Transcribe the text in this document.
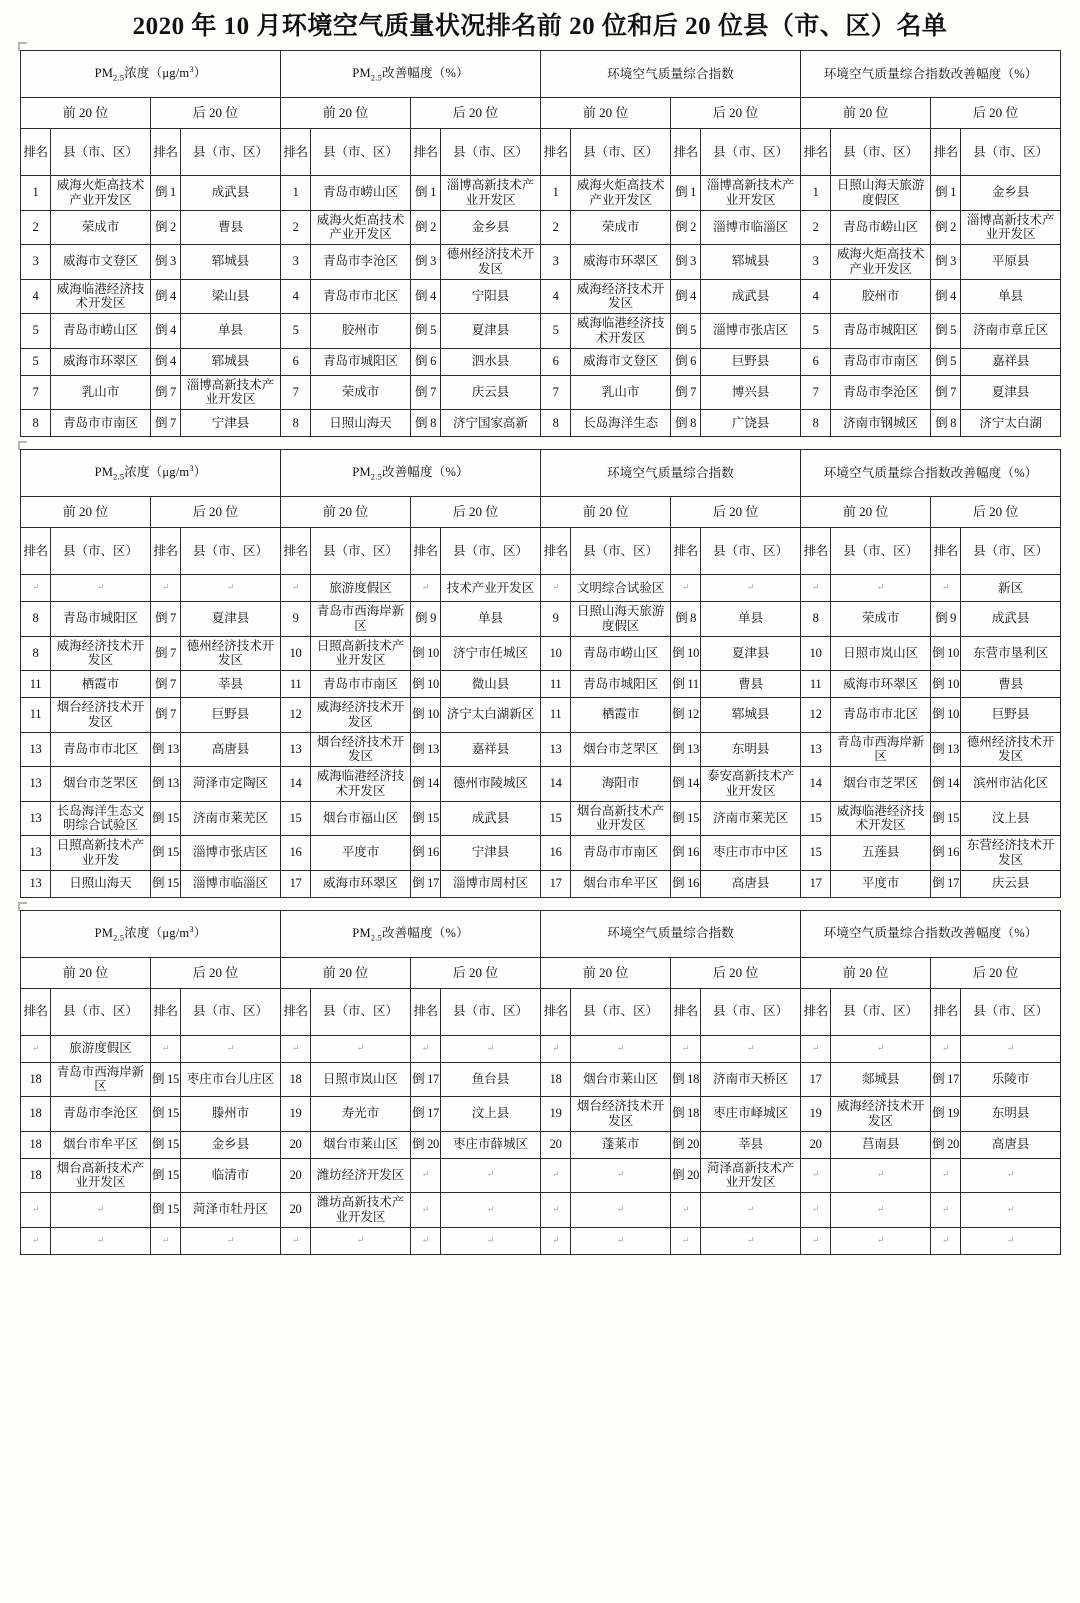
2020 年 10 月环境空气质量状况排名前 20 位和后 20 位县（市、区）名单
$PM_{2.5}$浓度$(\mu g/m^3)$				$PM_{2.5}$改善幅度（%）				环境空气质量综合指数				环境空气质量综合指数改善幅度（%）			
前 20 位		后 20 位		前 20 位		后 20 位		前 20 位		后 20 位		前 20 位		后 20 位	
排名	县（市、区）	排名	县（市、区）	排名	县（市、区）	排名	县（市、区）	排名	县（市、区）	排名	县（市、区）	排名	县（市、区）	排名	县（市、区）
1	威海火炬高技术产业开发区	倒 1	成武县	1	青岛市崂山区	倒 1	淄博高新技术产业开发区	1	威海火炬高技术产业开发区	倒 1	淄博高新技术产业开发区	1	日照山海天旅游度假区	倒 1	金乡县
2	荣成市	倒 2	曹县	2	威海火炬高技术产业开发区	倒 2	金乡县	2	荣成市	倒 2	淄博市临淄区	2	青岛市崂山区	倒 2	淄博高新技术产业开发区
3	威海市文登区	倒 3	郓城县	3	青岛市李沧区	倒 3	德州经济技术开发区	3	威海市环翠区	倒 3	郓城县	3	威海火炬高技术产业开发区	倒 3	平原县
4	威海临港经济技术开发区	倒 4	梁山县	4	青岛市市北区	倒 4	宁阳县	4	威海经济技术开发区	倒 4	成武县	4	胶州市	倒 4	单县
5	青岛市崂山区	倒 4	单县	5	胶州市	倒 5	夏津县	5	威海临港经济技术开发区	倒 5	淄博市张店区	5	青岛市城阳区	倒 5	济南市章丘区
5	威海市环翠区	倒 4	郓城县	6	青岛市城阳区	倒 6	泗水县	6	威海市文登区	倒 6	巨野县	6	青岛市市南区	倒 5	嘉祥县
7	乳山市	倒 7	淄博高新技术产业开发区	7	荣成市	倒 7	庆云县	7	乳山市	倒 7	博兴县	7	青岛市李沧区	倒 7	夏津县
8	青岛市市南区	倒 7	宁津县	8	日照山海天	倒 8	济宁国家高新	8	长岛海洋生态	倒 8	广饶县	8	济南市钢城区	倒 8	济宁太白湖
$PM_{2.5}$浓度$(\mu g/m^3)$				$PM_{2.5}$改善幅度（%）				环境空气质量综合指数				环境空气质量综合指数改善幅度（%）			
前 20 位		后 20 位		前 20 位		后 20 位		前 20 位		后 20 位		前 20 位		后 20 位	
排名	县（市、区）	排名	县（市、区）	排名	县（市、区）	排名	县（市、区）	排名	县（市、区）	排名	县（市、区）	排名	县（市、区）	排名	县（市、区）
↵	↵	↵	↵	↵	旅游度假区	↵	技术产业开发区	↵	文明综合试验区	↵	↵	↵	↵	↵	新区
8	青岛市城阳区	倒 7	夏津县	9	青岛市西海岸新区	倒 9	单县	9	日照山海天旅游度假区	倒 8	单县	8	荣成市	倒 9	成武县
8	威海经济技术开发区	倒 7	德州经济技术开发区	10	日照高新技术产业开发区	倒 10	济宁市任城区	10	青岛市崂山区	倒 10	夏津县	10	日照市岚山区	倒 10	东营市垦利区
11	栖霞市	倒 7	莘县	11	青岛市市南区	倒 10	微山县	11	青岛市城阳区	倒 11	曹县	11	威海市环翠区	倒 10	曹县
11	烟台经济技术开发区	倒 7	巨野县	12	威海经济技术开发区	倒 10	济宁太白湖新区	11	栖霞市	倒 12	郓城县	12	青岛市市北区	倒 10	巨野县
13	青岛市市北区	倒 13	高唐县	13	烟台经济技术开发区	倒 13	嘉祥县	13	烟台市芝罘区	倒 13	东明县	13	青岛市西海岸新区	倒 13	德州经济技术开发区
13	烟台市芝罘区	倒 13	菏泽市定陶区	14	威海临港经济技术开发区	倒 14	德州市陵城区	14	海阳市	倒 14	泰安高新技术产业开发区	14	烟台市芝罘区	倒 14	滨州市沾化区
13	长岛海洋生态文明综合试验区	倒 15	济南市莱芜区	15	烟台市福山区	倒 15	成武县	15	烟台高新技术产业开发区	倒 15	济南市莱芜区	15	威海临港经济技术开发区	倒 15	汶上县
13	日照高新技术产业开发	倒 15	淄博市张店区	16	平度市	倒 16	宁津县	16	青岛市市南区	倒 16	枣庄市市中区	15	五莲县	倒 16	东营经济技术开发区
13	日照山海天	倒 15	淄博市临淄区	17	威海市环翠区	倒 17	淄博市周村区	17	烟台市牟平区	倒 16	高唐县	17	平度市	倒 17	庆云县
$PM_{2.5}$浓度$(\mu g/m^3)$				$PM_{2.5}$改善幅度（%）				环境空气质量综合指数				环境空气质量综合指数改善幅度（%）			
前 20 位		后 20 位		前 20 位		后 20 位		前 20 位		后 20 位		前 20 位		后 20 位	
排名	县（市、区）	排名	县（市、区）	排名	县（市、区）	排名	县（市、区）	排名	县（市、区）	排名	县（市、区）	排名	县（市、区）	排名	县（市、区）
↵	旅游度假区	↵	↵	↵	↵	↵	↵	↵	↵	↵	↵	↵	↵	↵	↵
18	青岛市西海岸新区	倒 15	枣庄市台儿庄区	18	日照市岚山区	倒 17	鱼台县	18	烟台市莱山区	倒 18	济南市天桥区	17	郯城县	倒 17	乐陵市
18	青岛市李沧区	倒 15	滕州市	19	寿光市	倒 17	汶上县	19	烟台经济技术开发区	倒 18	枣庄市峄城区	19	威海经济技术开发区	倒 19	东明县
18	烟台市牟平区	倒 15	金乡县	20	烟台市莱山区	倒 20	枣庄市薛城区	20	蓬莱市	倒 20	莘县	20	莒南县	倒 20	高唐县
18	烟台高新技术产业开发区	倒 15	临清市	20	潍坊经济开发区	↵	↵	↵	↵	倒 20	菏泽高新技术产业开发区	↵	↵	↵	↵
↵	↵	倒 15	菏泽市牡丹区	20	潍坊高新技术产业开发区	↵	↵	↵	↵	↵	↵	↵	↵	↵	↵
↵	↵	↵	↵	↵	↵	↵	↵	↵	↵	↵	↵	↵	↵	↵	↵
